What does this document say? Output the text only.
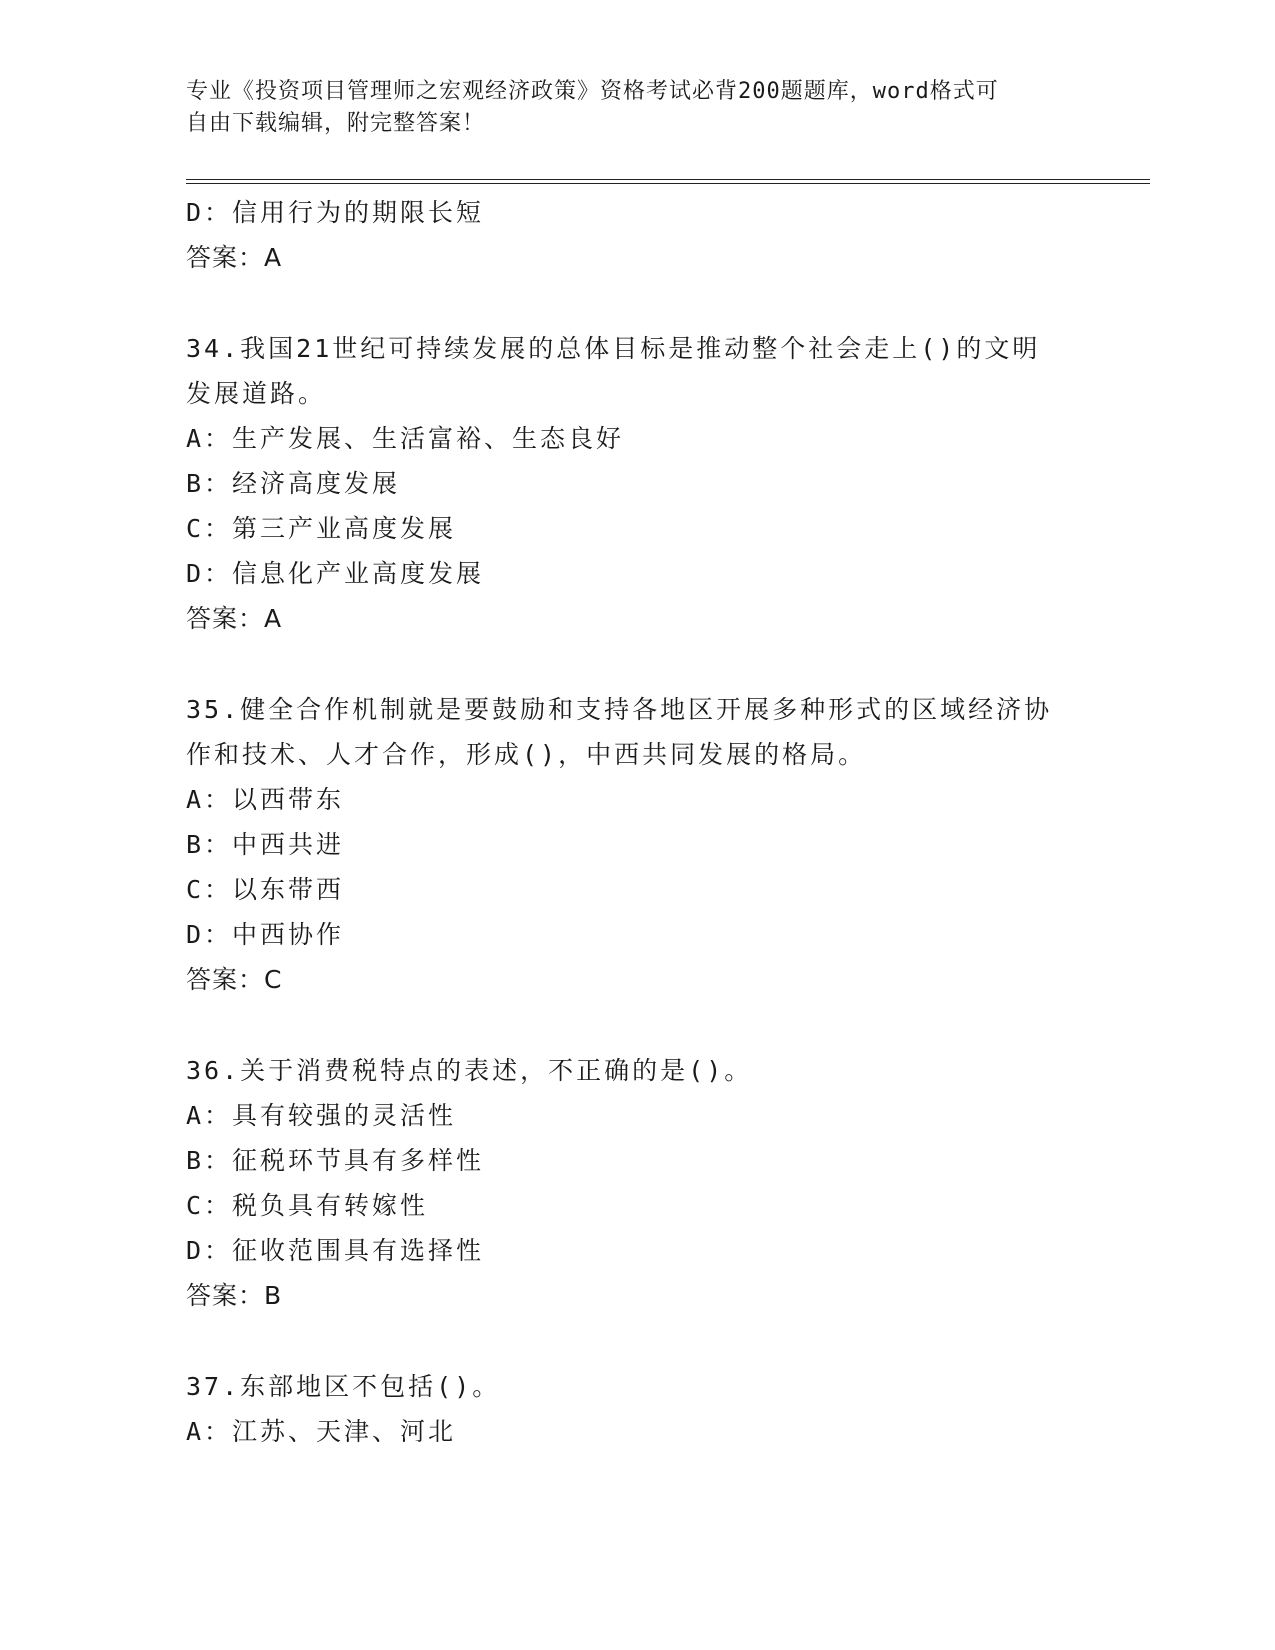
专业《投资项目管理师之宏观经济政策》资格考试必背200题题库，word格式可
自由下载编辑，附完整答案！
D：信用行为的期限长短
答案：A
34.我国21世纪可持续发展的总体目标是推动整个社会走上()的文明
发展道路。
A：生产发展、生活富裕、生态良好
B：经济高度发展
C：第三产业高度发展
D：信息化产业高度发展
答案：A
35.健全合作机制就是要鼓励和支持各地区开展多种形式的区域经济协
作和技术、人才合作，形成()，中西共同发展的格局。
A：以西带东
B：中西共进
C：以东带西
D：中西协作
答案：C
36.关于消费税特点的表述，不正确的是()。
A：具有较强的灵活性
B：征税环节具有多样性
C：税负具有转嫁性
D：征收范围具有选择性
答案：B
37.东部地区不包括()。
A：江苏、天津、河北
